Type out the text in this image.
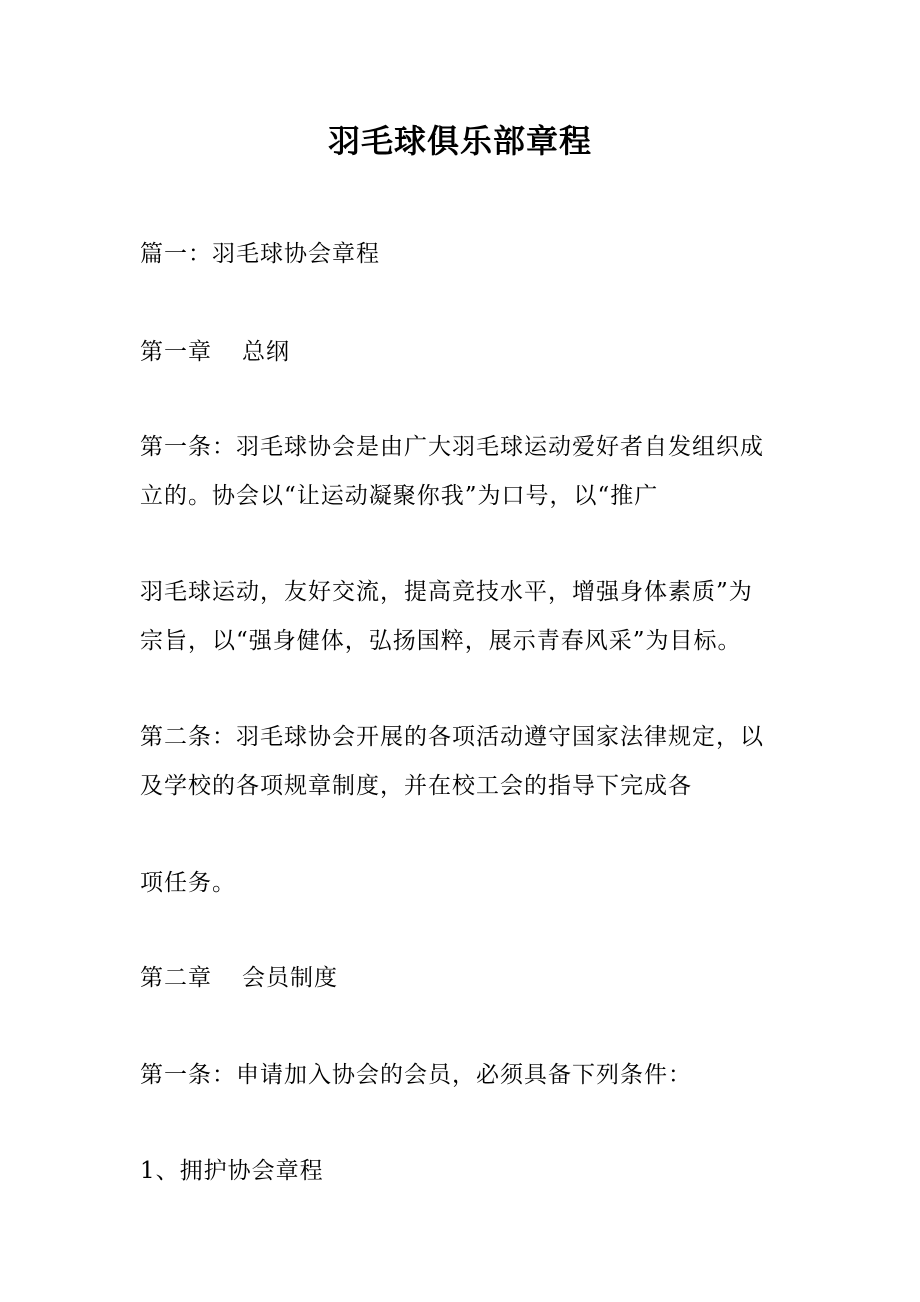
羽毛球俱乐部章程
篇一：羽毛球协会章程
第一章 总纲
第一条：羽毛球协会是由广大羽毛球运动爱好者自发组织成
立的。协会以“让运动凝聚你我”为口号，以“推广
羽毛球运动，友好交流，提高竞技水平，增强身体素质”为
宗旨，以“强身健体，弘扬国粹，展示青春风采”为目标。
第二条：羽毛球协会开展的各项活动遵守国家法律规定，以
及学校的各项规章制度，并在校工会的指导下完成各
项任务。
第二章 会员制度
第一条：申请加入协会的会员，必须具备下列条件：
1、拥护协会章程
